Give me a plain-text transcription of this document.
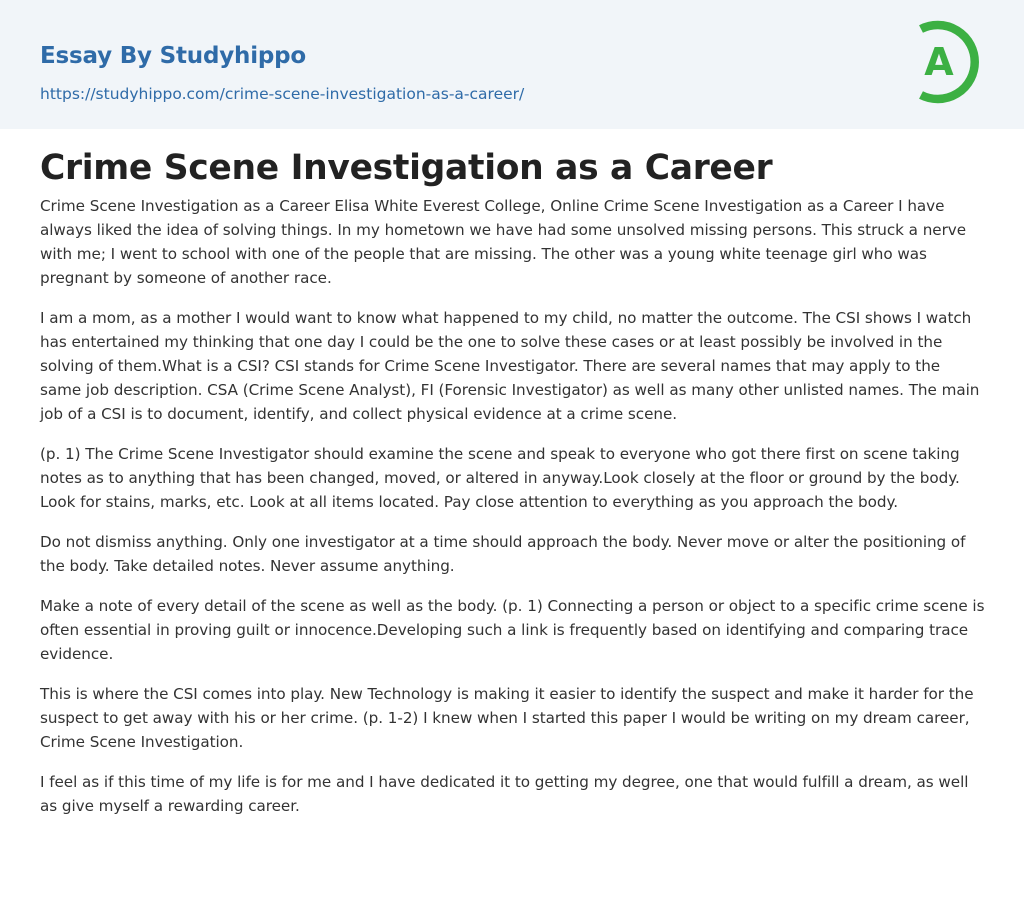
Essay By Studyhippo
https://studyhippo.com/crime-scene-investigation-as-a-career/
A
Crime Scene Investigation as a Career

Crime Scene Investigation as a Career Elisa White Everest College, Online Crime Scene Investigation as a Career I have always liked the idea of solving things. In my hometown we have had some unsolved missing persons. This struck a nerve with me; I went to school with one of the people that are missing. The other was a young white teenage girl who was pregnant by someone of another race.

I am a mom, as a mother I would want to know what happened to my child, no matter the outcome. The CSI shows I watch has entertained my thinking that one day I could be the one to solve these cases or at least possibly be involved in the solving of them.What is a CSI? CSI stands for Crime Scene Investigator. There are several names that may apply to the same job description. CSA (Crime Scene Analyst), FI (Forensic Investigator) as well as many other unlisted names. The main job of a CSI is to document, identify, and collect physical evidence at a crime scene.

(p. 1) The Crime Scene Investigator should examine the scene and speak to everyone who got there first on scene taking notes as to anything that has been changed, moved, or altered in anyway.Look closely at the floor or ground by the body. Look for stains, marks, etc. Look at all items located. Pay close attention to everything as you approach the body.

Do not dismiss anything. Only one investigator at a time should approach the body. Never move or alter the positioning of the body. Take detailed notes. Never assume anything.

Make a note of every detail of the scene as well as the body. (p. 1) Connecting a person or object to a specific crime scene is often essential in proving guilt or innocence.Developing such a link is frequently based on identifying and comparing trace evidence.

This is where the CSI comes into play. New Technology is making it easier to identify the suspect and make it harder for the suspect to get away with his or her crime. (p. 1-2) I knew when I started this paper I would be writing on my dream career, Crime Scene Investigation.

I feel as if this time of my life is for me and I have dedicated it to getting my degree, one that would fulfill a dream, as well as give myself a rewarding career.
